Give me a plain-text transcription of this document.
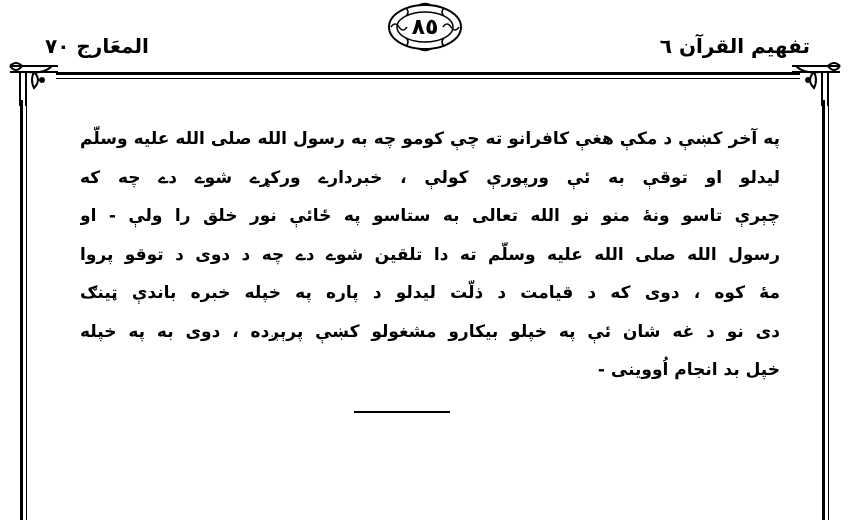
المعَارج ٧٠
٨٥
تفهيم القرآن ٦
په آخر کښې د مکې هغې کافرانو ته چې کومو چه به رسول الله صلی الله علیه وسلّم
لیدلو او توقې به ئې ورپورې کولې ، خبردارے ورکړے شوے دے چه که
چېرې تاسو ونۀ منو نو الله تعالی به ستاسو په ځائې نور خلق را ولې - او
رسول الله صلی الله علیه وسلّم ته دا تلقین شوے دے چه د دوی د توقو پروا
مۀ کوه ، دوی که د قیامت د ذلّت لیدلو د پاره په خپله خبره باندې ټینګ
دی نو د غه شان ئې په خپلو بیکارو مشغولو کښې پرېږده ، دوی به په خپله
خپل بد انجام اُووینی -
